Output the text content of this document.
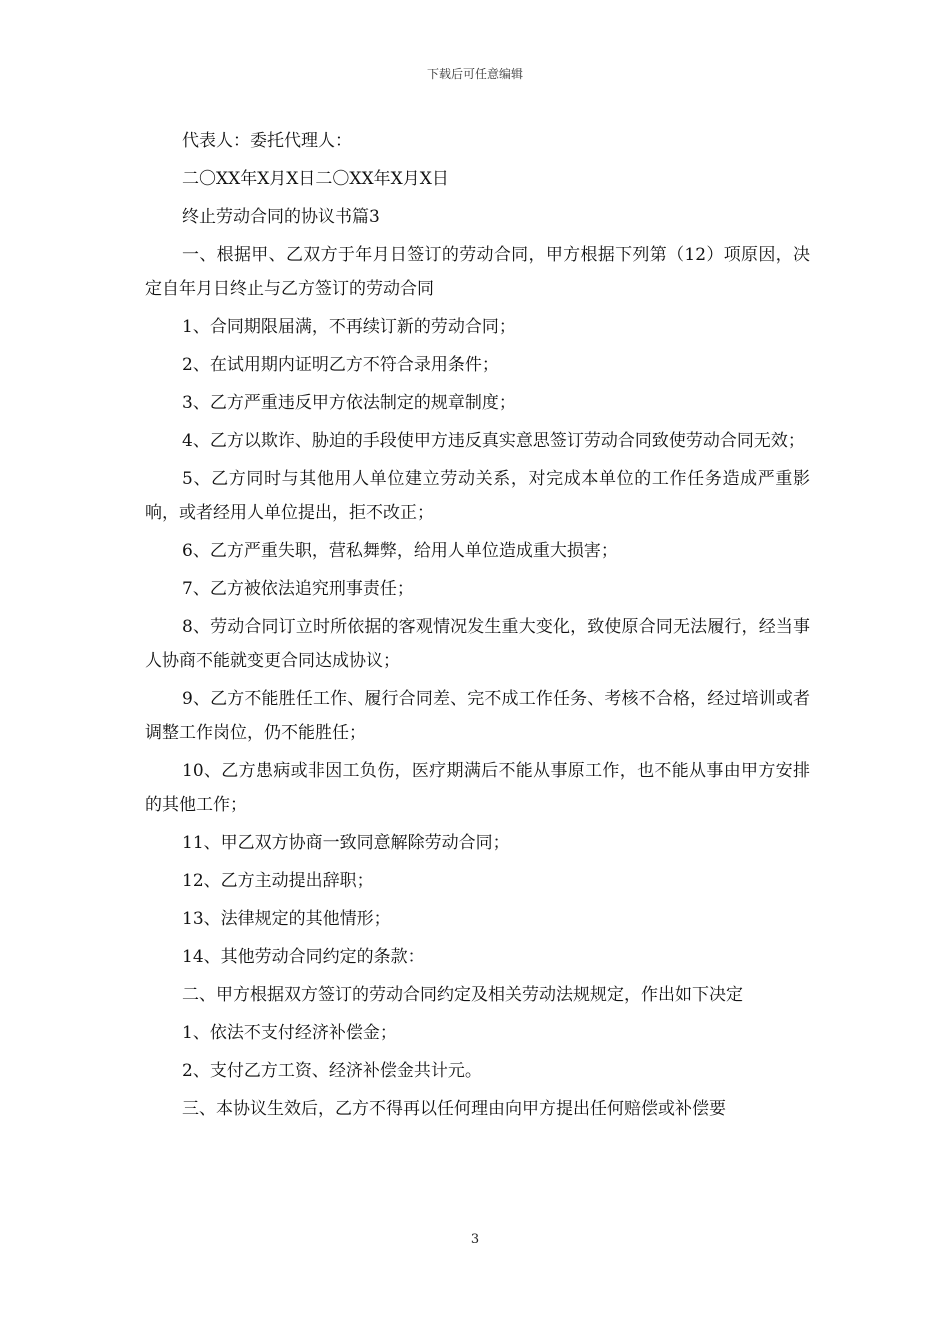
下载后可任意编辑

代表人：委托代理人：

二〇XX年X月X日二〇XX年X月X日

终止劳动合同的协议书篇3

一、根据甲、乙双方于年月日签订的劳动合同，甲方根据下列第（12）项原因，决定自年月日终止与乙方签订的劳动合同

1、合同期限届满，不再续订新的劳动合同；

2、在试用期内证明乙方不符合录用条件；

3、乙方严重违反甲方依法制定的规章制度；

4、乙方以欺诈、胁迫的手段使甲方违反真实意思签订劳动合同致使劳动合同无效；

5、乙方同时与其他用人单位建立劳动关系，对完成本单位的工作任务造成严重影响，或者经用人单位提出，拒不改正；

6、乙方严重失职，营私舞弊，给用人单位造成重大损害；

7、乙方被依法追究刑事责任；

8、劳动合同订立时所依据的客观情况发生重大变化，致使原合同无法履行，经当事人协商不能就变更合同达成协议；

9、乙方不能胜任工作、履行合同差、完不成工作任务、考核不合格，经过培训或者调整工作岗位，仍不能胜任；

10、乙方患病或非因工负伤，医疗期满后不能从事原工作，也不能从事由甲方安排的其他工作；

11、甲乙双方协商一致同意解除劳动合同；

12、乙方主动提出辞职；

13、法律规定的其他情形；

14、其他劳动合同约定的条款：

二、甲方根据双方签订的劳动合同约定及相关劳动法规规定，作出如下决定

1、依法不支付经济补偿金；

2、支付乙方工资、经济补偿金共计元。

三、本协议生效后，乙方不得再以任何理由向甲方提出任何赔偿或补偿要

3
